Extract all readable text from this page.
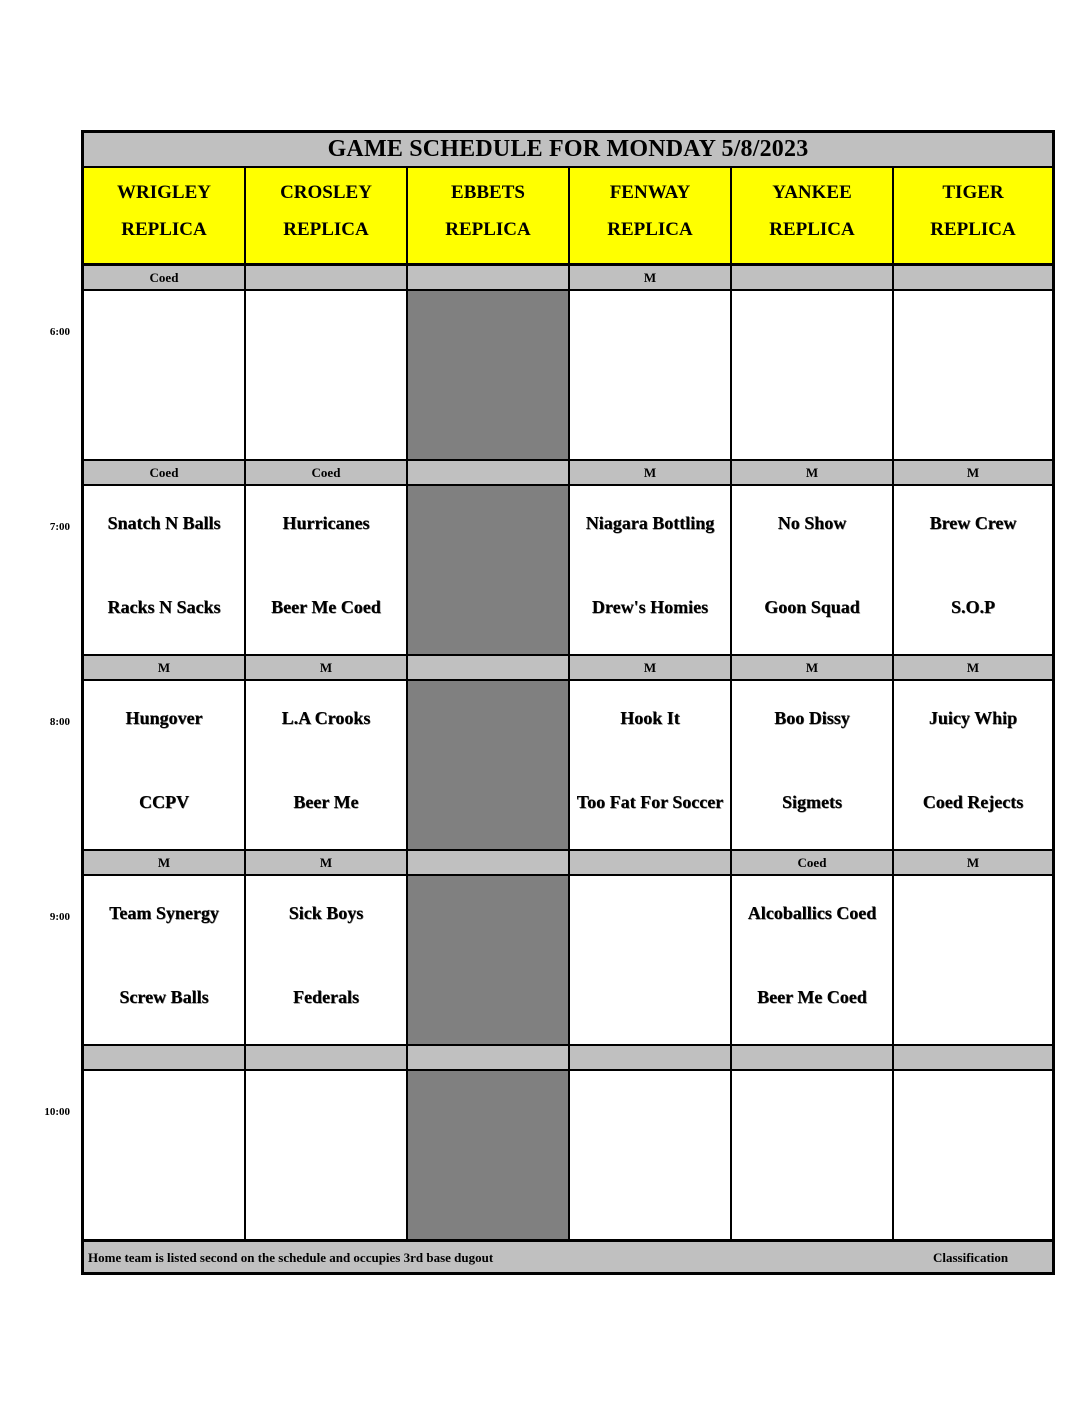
6:00
7:00
8:00
9:00
10:00
GAME SCHEDULE FOR MONDAY 5/8/2023
Home team is listed second on the schedule and occupies 3rd base dugout	Classification
WRIGLEY
REPLICA
CROSLEY
REPLICA
EBBETS
REPLICA
FENWAY
REPLICA
YANKEE
REPLICA
TIGER
REPLICA
Coed	M
Coed
Snatch N Balls
Racks N Sacks
Coed
Hurricanes
Beer Me Coed
M
Niagara Bottling
Drew's Homies
M
No Show
Goon Squad
M
Brew Crew
S.O.P
M
Hungover
CCPV
M
L.A Crooks
Beer Me
M
Hook It
Too Fat For Soccer
M
Boo Dissy
Sigmets
M
Juicy Whip
Coed Rejects
M
Team Synergy
Screw Balls
M
Sick Boys
Federals
Coed
Alcoballics Coed
Beer Me Coed
M
